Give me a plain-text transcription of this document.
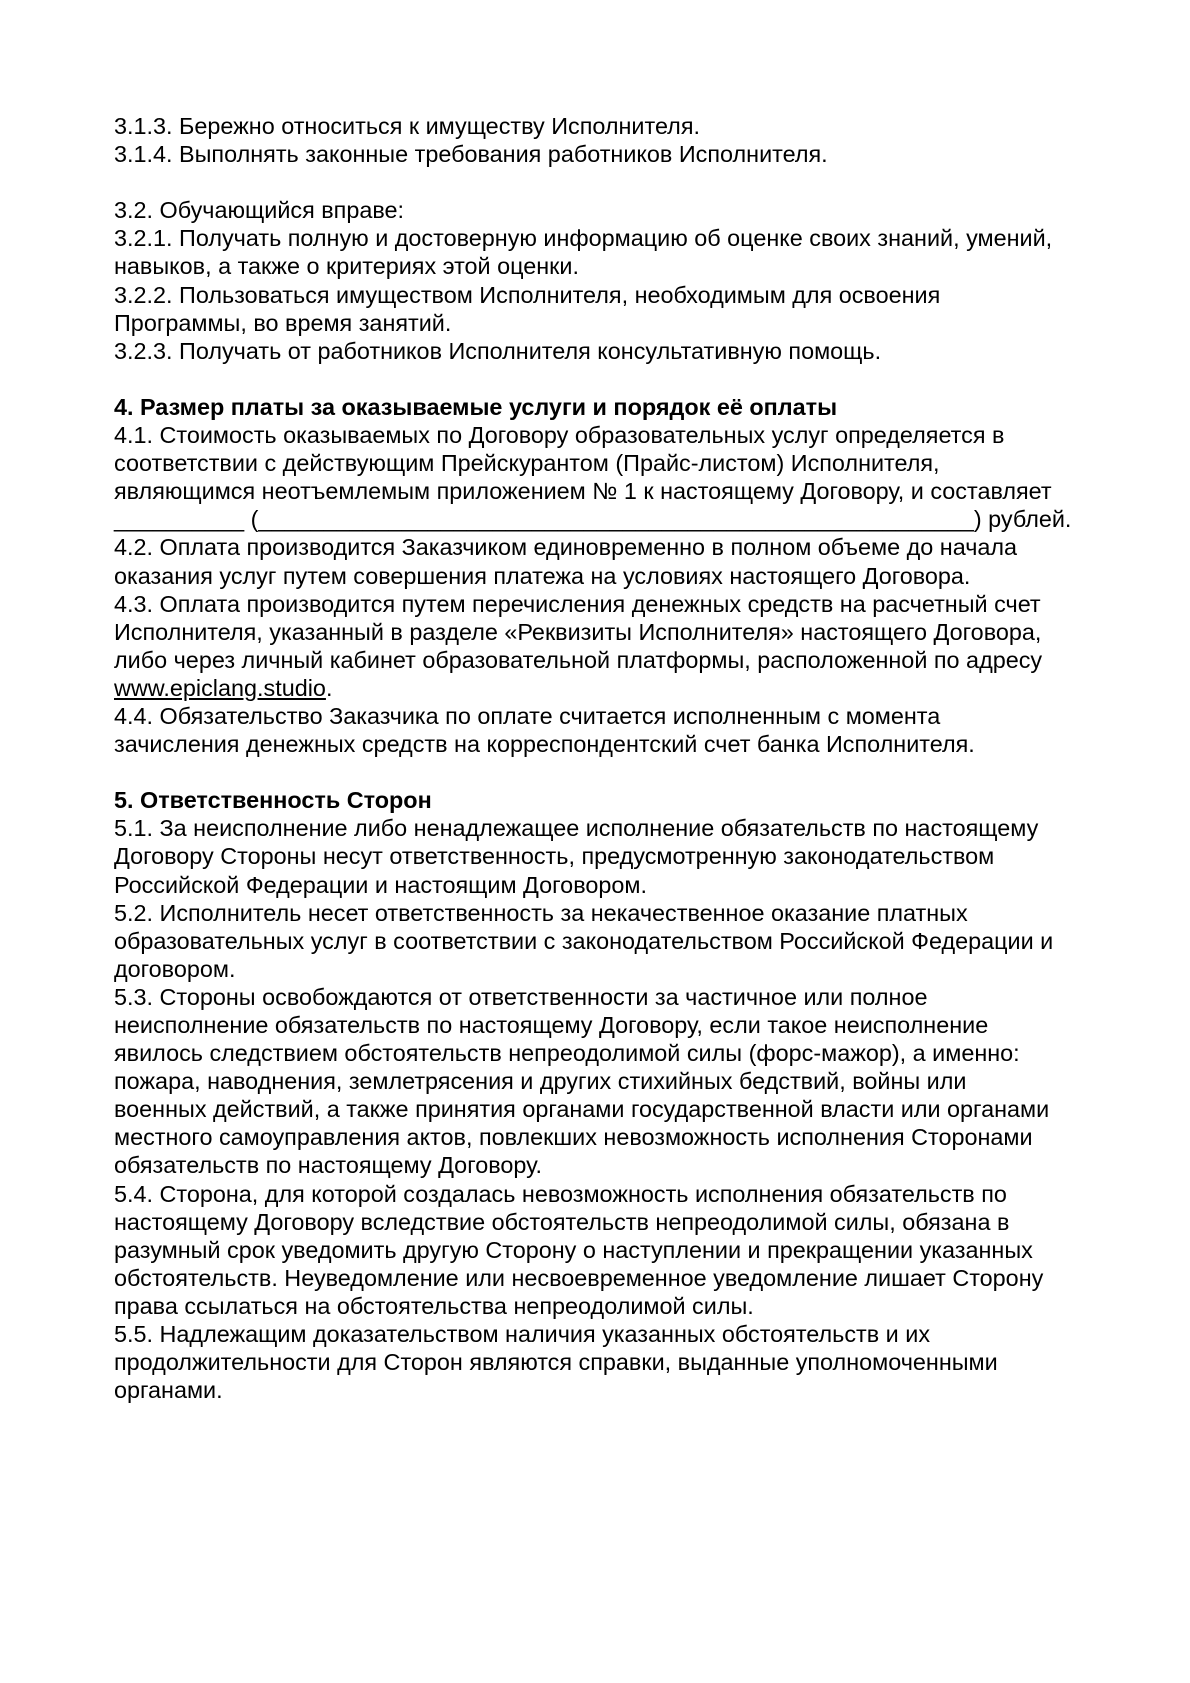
3.1.3. Бережно относиться к имуществу Исполнителя.
3.1.4. Выполнять законные требования работников Исполнителя.
3.2. Обучающийся вправе:
3.2.1. Получать полную и достоверную информацию об оценке своих знаний, умений,
навыков, а также о критериях этой оценки.
3.2.2. Пользоваться имуществом Исполнителя, необходимым для освоения
Программы, во время занятий.
3.2.3. Получать от работников Исполнителя консультативную помощь.
4. Размер платы за оказываемые услуги и порядок её оплаты
4.1. Стоимость оказываемых по Договору образовательных услуг определяется в
соответствии с действующим Прейскурантом (Прайс-листом) Исполнителя,
являющимся неотъемлемым приложением № 1 к настоящему Договору, и составляет
__________ (_______________________________________________________) рублей.
4.2. Оплата производится Заказчиком единовременно в полном объеме до начала
оказания услуг путем совершения платежа на условиях настоящего Договора.
4.3. Оплата производится путем перечисления денежных средств на расчетный счет
Исполнителя, указанный в разделе «Реквизиты Исполнителя» настоящего Договора,
либо через личный кабинет образовательной платформы, расположенной по адресу
www.epiclang.studio.
4.4. Обязательство Заказчика по оплате считается исполненным с момента
зачисления денежных средств на корреспондентский счет банка Исполнителя.
5. Ответственность Сторон
5.1. За неисполнение либо ненадлежащее исполнение обязательств по настоящему
Договору Стороны несут ответственность, предусмотренную законодательством
Российской Федерации и настоящим Договором.
5.2. Исполнитель несет ответственность за некачественное оказание платных
образовательных услуг в соответствии с законодательством Российской Федерации и
договором.
5.3. Стороны освобождаются от ответственности за частичное или полное
неисполнение обязательств по настоящему Договору, если такое неисполнение
явилось следствием обстоятельств непреодолимой силы (форс-мажор), а именно:
пожара, наводнения, землетрясения и других стихийных бедствий, войны или
военных действий, а также принятия органами государственной власти или органами
местного самоуправления актов, повлекших невозможность исполнения Сторонами
обязательств по настоящему Договору.
5.4. Сторона, для которой создалась невозможность исполнения обязательств по
настоящему Договору вследствие обстоятельств непреодолимой силы, обязана в
разумный срок уведомить другую Сторону о наступлении и прекращении указанных
обстоятельств. Неуведомление или несвоевременное уведомление лишает Сторону
права ссылаться на обстоятельства непреодолимой силы.
5.5. Надлежащим доказательством наличия указанных обстоятельств и их
продолжительности для Сторон являются справки, выданные уполномоченными
органами.
